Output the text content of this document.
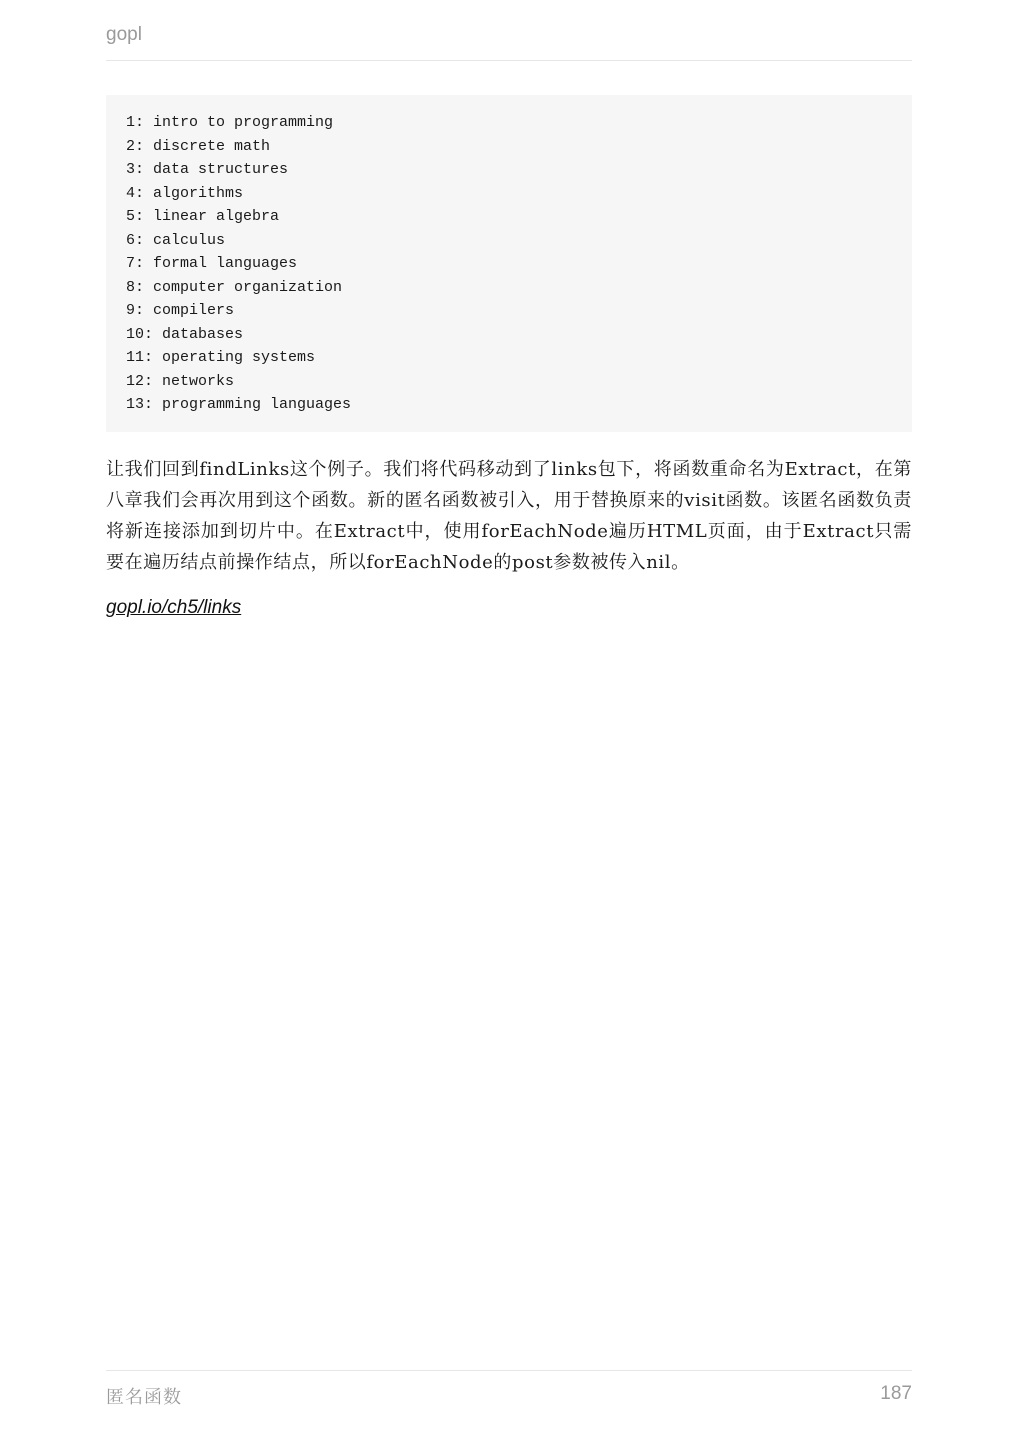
gopl
1: intro to programming
2: discrete math
3: data structures
4: algorithms
5: linear algebra
6: calculus
7: formal languages
8: computer organization
9: compilers
10: databases
11: operating systems
12: networks
13: programming languages

让我们回到findLinks这个例子。我们将代码移动到了links包下，将函数重命名为Extract，在第八章我们会再次用到这个函数。新的匿名函数被引入，用于替换原来的visit函数。该匿名函数负责将新连接添加到切片中。在Extract中，使用forEachNode遍历HTML页面，由于Extract只需要在遍历结点前操作结点，所以forEachNode的post参数被传入nil。

gopl.io/ch5/links
匿名函数	187
